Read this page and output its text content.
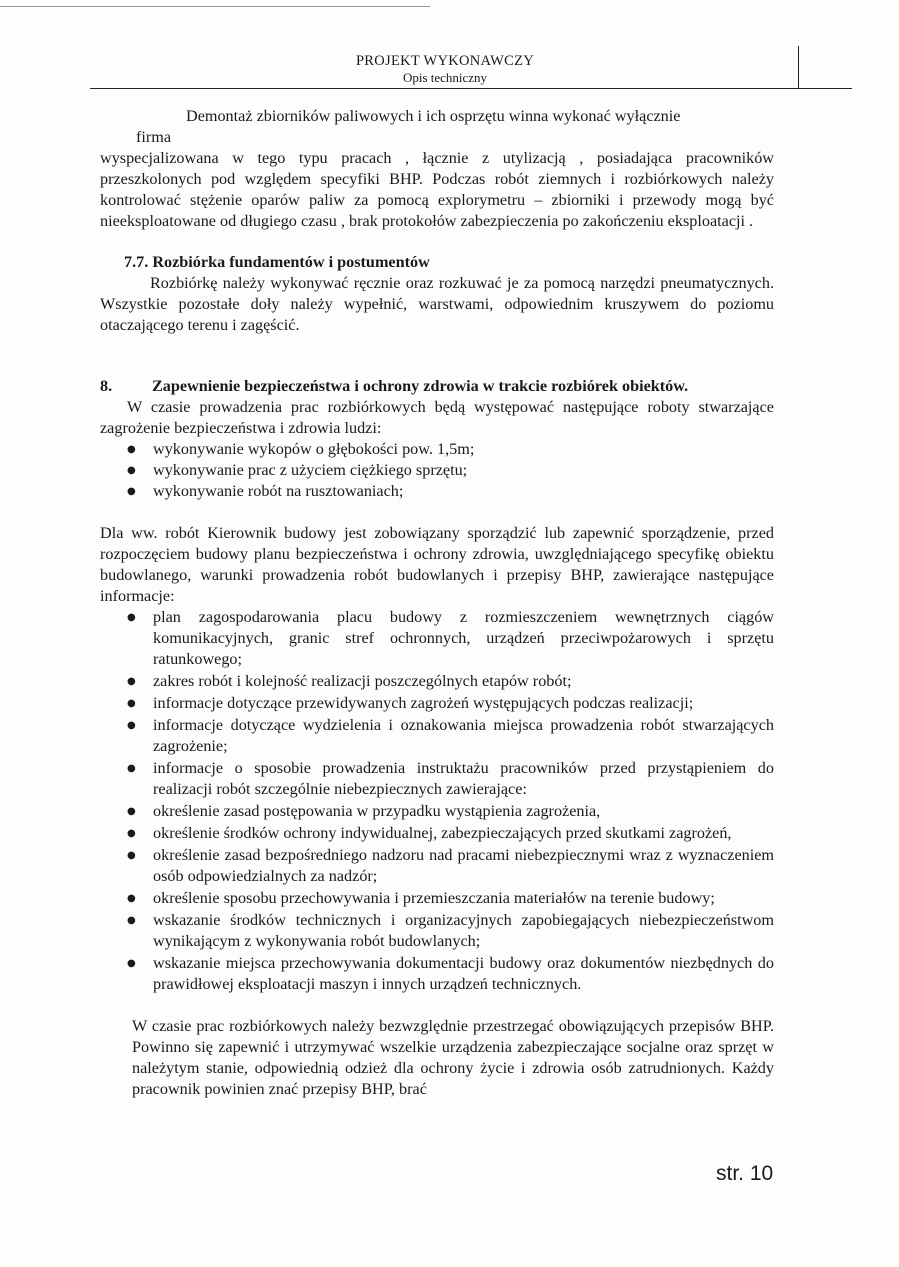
PROJEKT WYKONAWCZY
Opis techniczny

Demontaż zbiorników paliwowych i ich osprzętu winna wykonać wyłącznie

firma

wyspecjalizowana w tego typu pracach , łącznie z utylizacją , posiadająca pracowników przeszkolonych pod względem specyfiki BHP. Podczas robót ziemnych i rozbiórkowych należy kontrolować stężenie oparów paliw za pomocą explorymetru – zbiorniki i przewody mogą być nieeksploatowane od długiego czasu , brak protokołów zabezpieczenia po zakończeniu eksploatacji .

7.7. Rozbiórka fundamentów i postumentów

Rozbiórkę należy wykonywać ręcznie oraz rozkuwać je za pomocą narzędzi pneumatycznych. Wszystkie pozostałe doły należy wypełnić, warstwami, odpowiednim kruszywem do poziomu otaczającego terenu i zagęścić.

8.	Zapewnienie bezpieczeństwa i ochrony zdrowia w trakcie rozbiórek obiektów.

W czasie prowadzenia prac rozbiórkowych będą występować następujące roboty stwarzające zagrożenie bezpieczeństwa i zdrowia ludzi:

● wykonywanie wykopów o głębokości pow. 1,5m;
● wykonywanie prac z użyciem ciężkiego sprzętu;
● wykonywanie robót na rusztowaniach;

Dla ww. robót Kierownik budowy jest zobowiązany sporządzić lub zapewnić sporządzenie, przed rozpoczęciem budowy planu bezpieczeństwa i ochrony zdrowia, uwzględniającego specyfikę obiektu budowlanego, warunki prowadzenia robót budowlanych i przepisy BHP, zawierające następujące informacje:

● plan zagospodarowania placu budowy z rozmieszczeniem wewnętrznych ciągów komunikacyjnych, granic stref ochronnych, urządzeń przeciwpożarowych i sprzętu ratunkowego;
● zakres robót i kolejność realizacji poszczególnych etapów robót;
● informacje dotyczące przewidywanych zagrożeń występujących podczas realizacji;
● informacje dotyczące wydzielenia i oznakowania miejsca prowadzenia robót stwarzających zagrożenie;
● informacje o sposobie prowadzenia instruktażu pracowników przed przystąpieniem do realizacji robót szczególnie niebezpiecznych zawierające:
● określenie zasad postępowania w przypadku wystąpienia zagrożenia,
● określenie środków ochrony indywidualnej, zabezpieczających przed skutkami zagrożeń,
● określenie zasad bezpośredniego nadzoru nad pracami niebezpiecznymi wraz z wyznaczeniem osób odpowiedzialnych za nadzór;
● określenie sposobu przechowywania i przemieszczania materiałów na terenie budowy;
● wskazanie środków technicznych i organizacyjnych zapobiegających niebezpieczeństwom wynikającym z wykonywania robót budowlanych;
● wskazanie miejsca przechowywania dokumentacji budowy oraz dokumentów niezbędnych do prawidłowej eksploatacji maszyn i innych urządzeń technicznych.

W czasie prac rozbiórkowych należy bezwzględnie przestrzegać obowiązujących przepisów BHP. Powinno się zapewnić i utrzymywać wszelkie urządzenia zabezpieczające socjalne oraz sprzęt w należytym stanie, odpowiednią odzież dla ochrony życie i zdrowia osób zatrudnionych. Każdy pracownik powinien znać przepisy BHP, brać

str. 10
